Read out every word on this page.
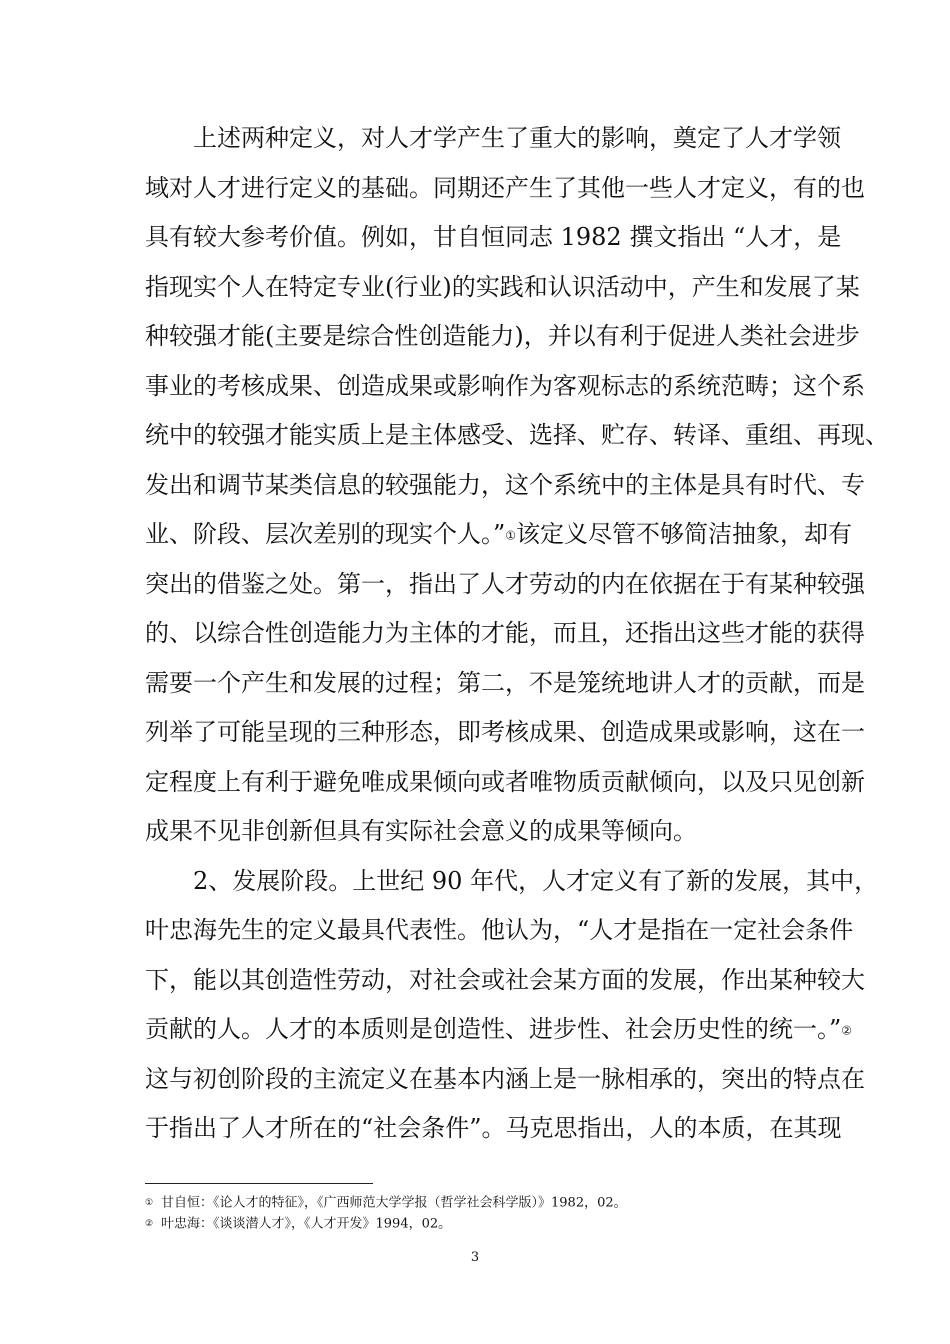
　　上述两种定义，对人才学产生了重大的影响，奠定了人才学领
域对人才进行定义的基础。同期还产生了其他一些人才定义，有的也
具有较大参考价值。例如，甘自恒同志 1982 撰文指出 “人才，是
指现实个人在特定专业(行业)的实践和认识活动中，产生和发展了某
种较强才能(主要是综合性创造能力)，并以有利于促进人类社会进步
事业的考核成果、创造成果或影响作为客观标志的系统范畴；这个系
统中的较强才能实质上是主体感受、选择、贮存、转译、重组、再现、
发出和调节某类信息的较强能力，这个系统中的主体是具有时代、专
业、阶段、层次差别的现实个人。”①该定义尽管不够简洁抽象，却有
突出的借鉴之处。第一，指出了人才劳动的内在依据在于有某种较强
的、以综合性创造能力为主体的才能，而且，还指出这些才能的获得
需要一个产生和发展的过程；第二，不是笼统地讲人才的贡献，而是
列举了可能呈现的三种形态，即考核成果、创造成果或影响，这在一
定程度上有利于避免唯成果倾向或者唯物质贡献倾向，以及只见创新
成果不见非创新但具有实际社会意义的成果等倾向。
　　2、发展阶段。上世纪 90 年代，人才定义有了新的发展，其中，
叶忠海先生的定义最具代表性。他认为，“人才是指在一定社会条件
下，能以其创造性劳动，对社会或社会某方面的发展，作出某种较大
贡献的人。人才的本质则是创造性、进步性、社会历史性的统一。”②
这与初创阶段的主流定义在基本内涵上是一脉相承的，突出的特点在
于指出了人才所在的“社会条件”。马克思指出，人的本质，在其现
① 甘自恒：《论人才的特征》，《广西师范大学学报（哲学社会科学版）》1982，02。
② 叶忠海：《谈谈潜人才》，《人才开发》1994，02。
3
